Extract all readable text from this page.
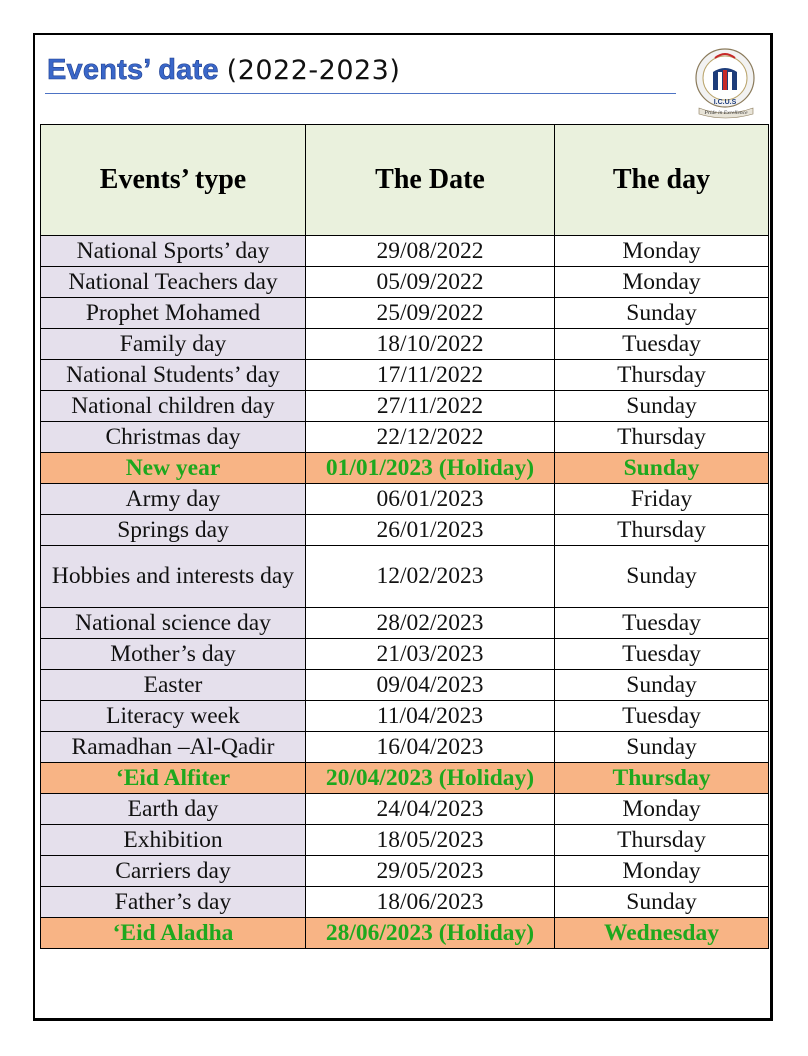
Events’ date (2022-2023)
I.C.U.S
Pride in Excellence
Events’ type	The Date	The day
National Sports’ day	29/08/2022	Monday
National Teachers day	05/09/2022	Monday
Prophet Mohamed	25/09/2022	Sunday
Family day	18/10/2022	Tuesday
National Students’ day	17/11/2022	Thursday
National children day	27/11/2022	Sunday
Christmas day	22/12/2022	Thursday
New year	01/01/2023 (Holiday)	Sunday
Army day	06/01/2023	Friday
Springs day	26/01/2023	Thursday
Hobbies and interests day	12/02/2023	Sunday
National science day	28/02/2023	Tuesday
Mother’s day	21/03/2023	Tuesday
Easter	09/04/2023	Sunday
Literacy week	11/04/2023	Tuesday
Ramadhan –Al-Qadir	16/04/2023	Sunday
‘Eid Alfiter	20/04/2023 (Holiday)	Thursday
Earth day	24/04/2023	Monday
Exhibition	18/05/2023	Thursday
Carriers day	29/05/2023	Monday
Father’s day	18/06/2023	Sunday
‘Eid Aladha	28/06/2023 (Holiday)	Wednesday
